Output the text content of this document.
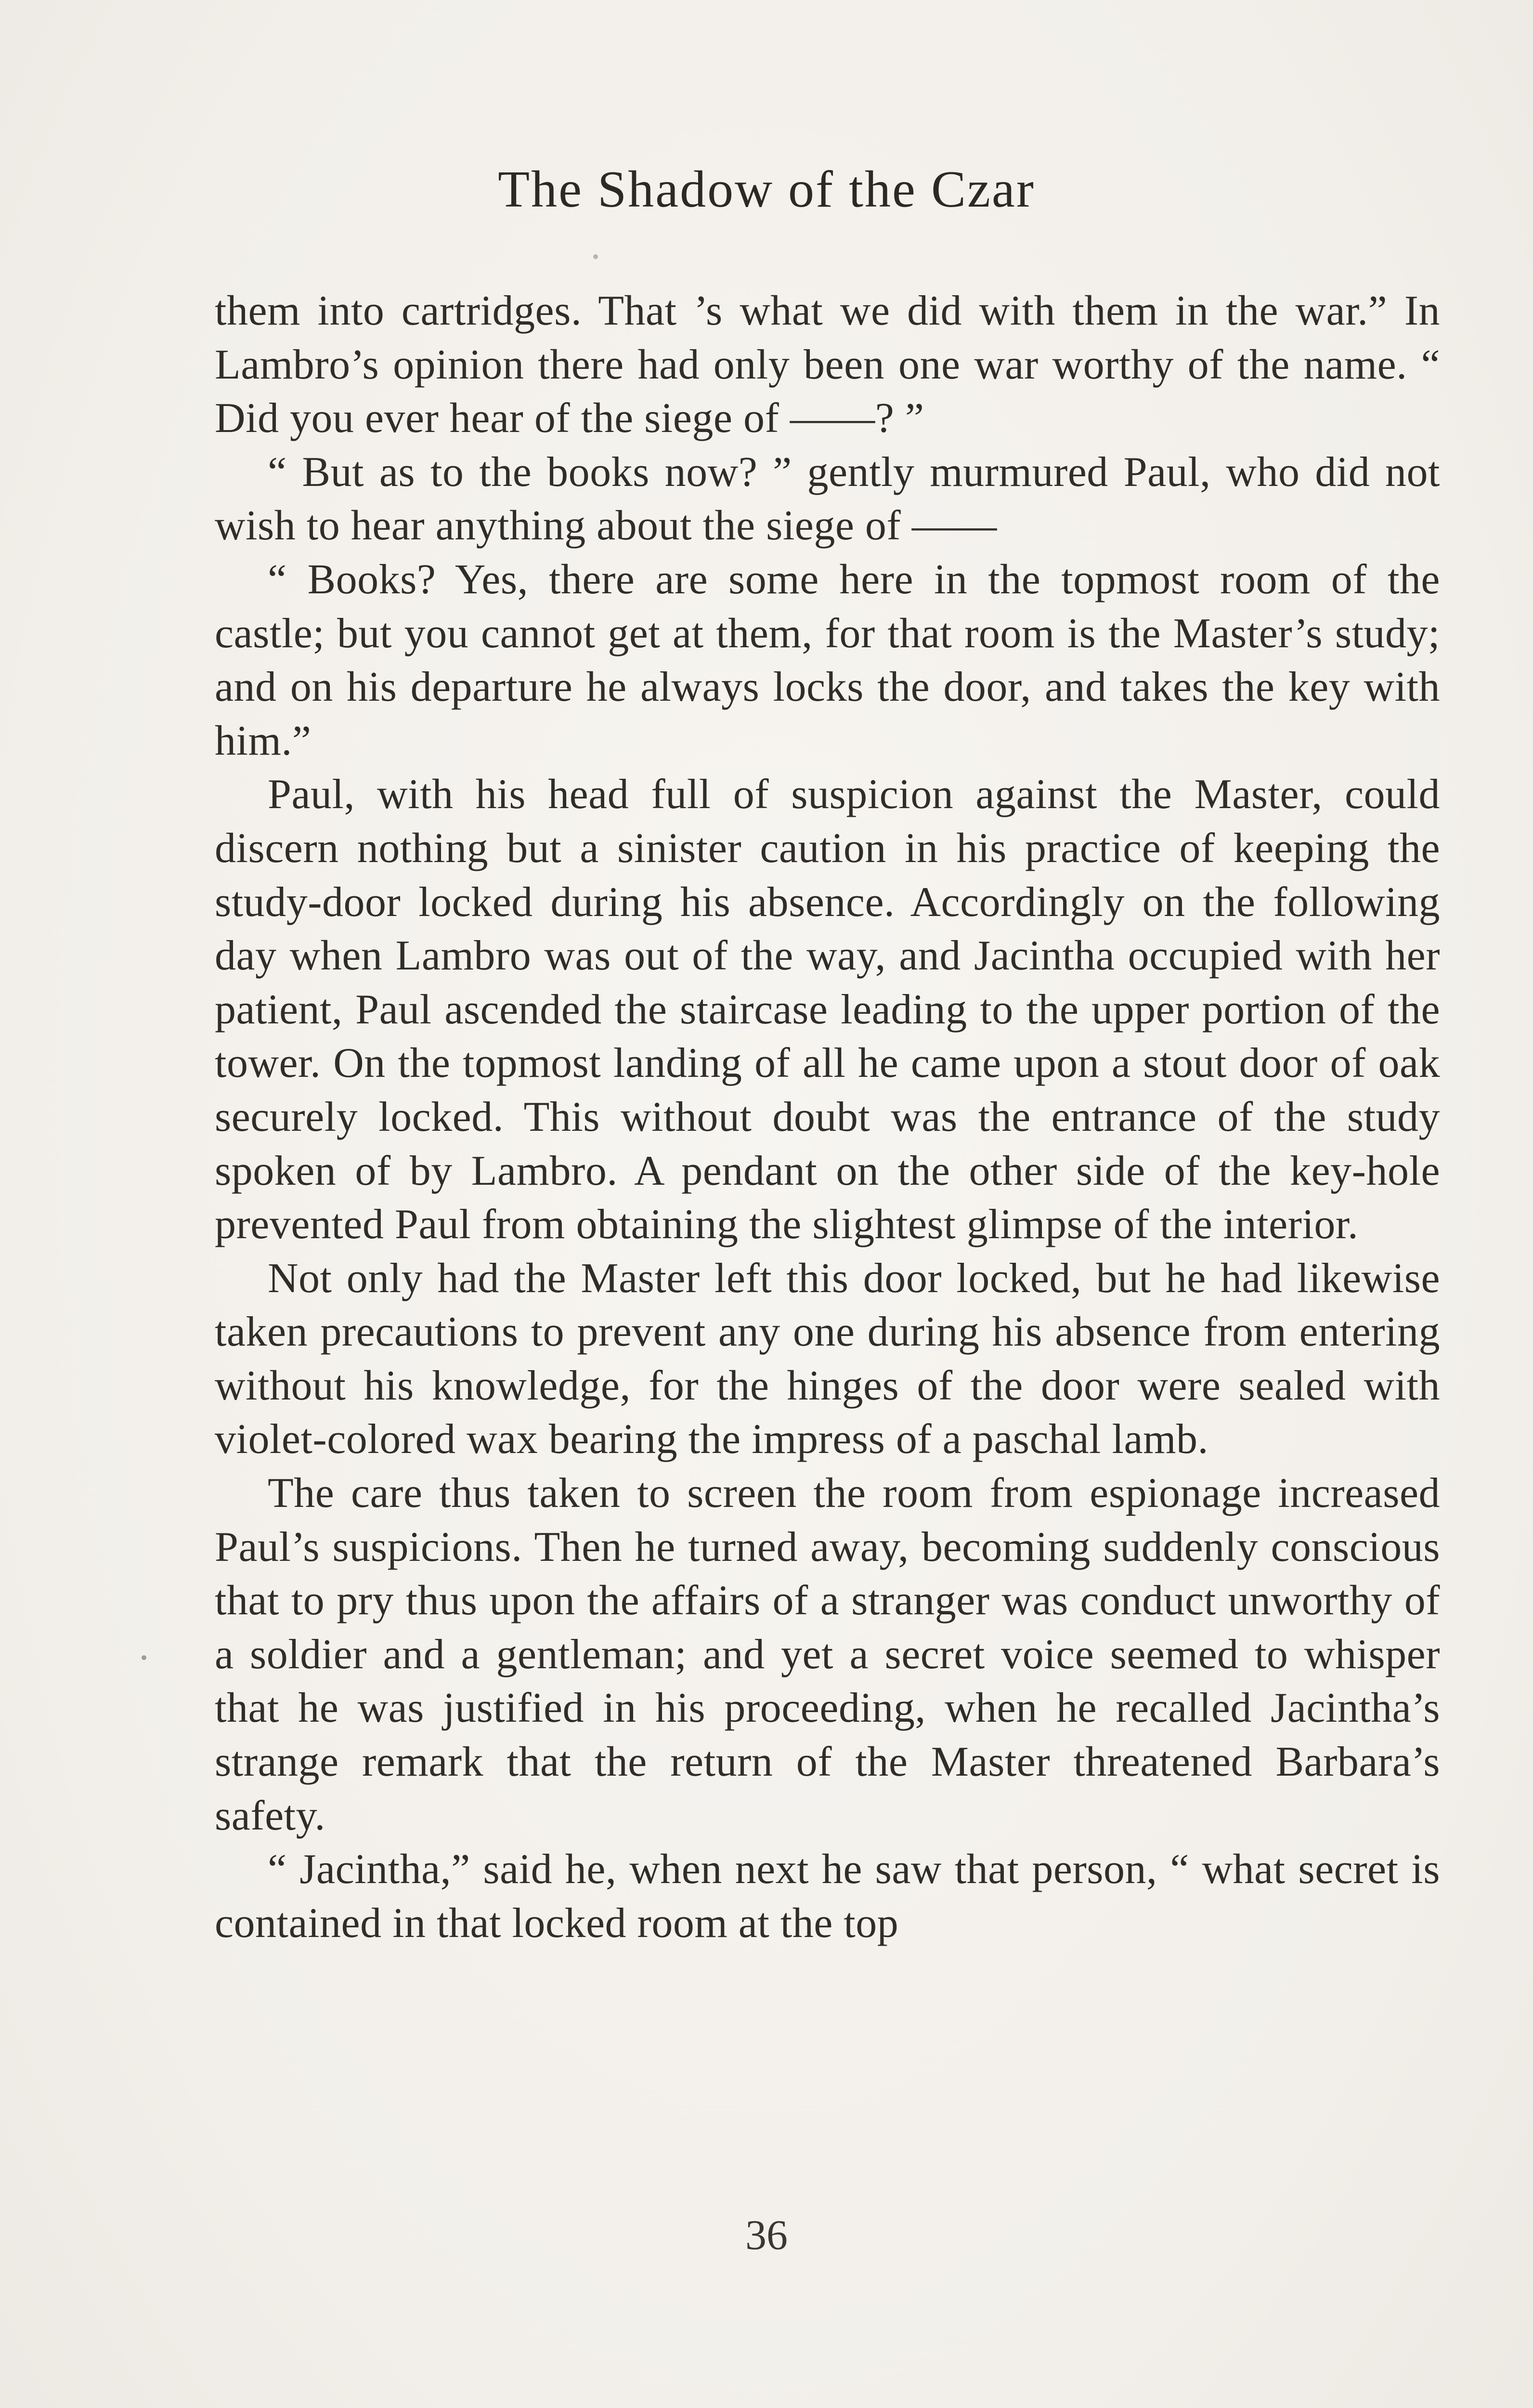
The Shadow of the Czar

them into cartridges. That ’s what we did with them in the war.” In Lambro’s opinion there had only been one war worthy of the name. “ Did you ever hear of the siege of ——? ”

“ But as to the books now? ” gently murmured Paul, who did not wish to hear anything about the siege of ——

“ Books? Yes, there are some here in the topmost room of the castle; but you cannot get at them, for that room is the Master’s study; and on his departure he always locks the door, and takes the key with him.”

Paul, with his head full of suspicion against the Master, could discern nothing but a sinister caution in his practice of keeping the study-door locked during his absence. Accordingly on the following day when Lambro was out of the way, and Jacintha occupied with her patient, Paul ascended the staircase leading to the upper portion of the tower. On the topmost landing of all he came upon a stout door of oak securely locked. This without doubt was the entrance of the study spoken of by Lambro. A pendant on the other side of the key-hole prevented Paul from obtaining the slightest glimpse of the interior.

Not only had the Master left this door locked, but he had likewise taken precautions to prevent any one during his absence from entering without his knowledge, for the hinges of the door were sealed with violet-colored wax bearing the impress of a paschal lamb.

The care thus taken to screen the room from espionage increased Paul’s suspicions. Then he turned away, becoming suddenly conscious that to pry thus upon the affairs of a stranger was conduct unworthy of a soldier and a gentleman; and yet a secret voice seemed to whisper that he was justified in his proceeding, when he recalled Jacintha’s strange remark that the return of the Master threatened Barbara’s safety.

“ Jacintha,” said he, when next he saw that person, “ what secret is contained in that locked room at the top

36
